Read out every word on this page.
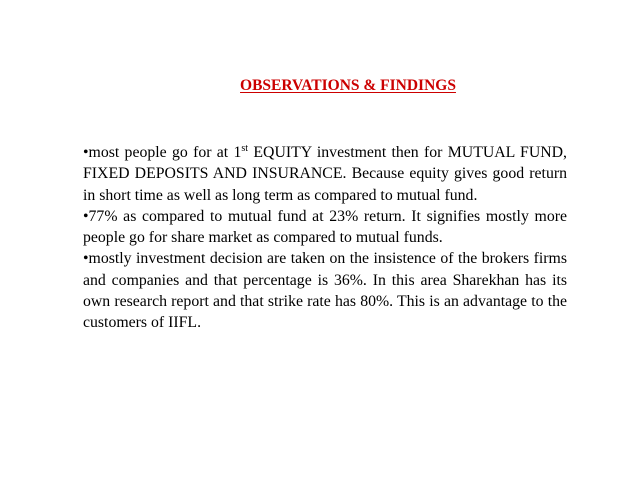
OBSERVATIONS & FINDINGS

•most people go for at 1st EQUITY investment then for MUTUAL FUND, FIXED DEPOSITS AND INSURANCE. Because equity gives good return in short time as well as long term as compared to mutual fund.

•77% as compared to mutual fund at 23% return. It signifies mostly more people go for share market as compared to mutual funds.

•mostly investment decision are taken on the insistence of the brokers firms and companies and that percentage is 36%. In this area Sharekhan has its own research report and that strike rate has 80%. This is an advantage to the customers of IIFL.
